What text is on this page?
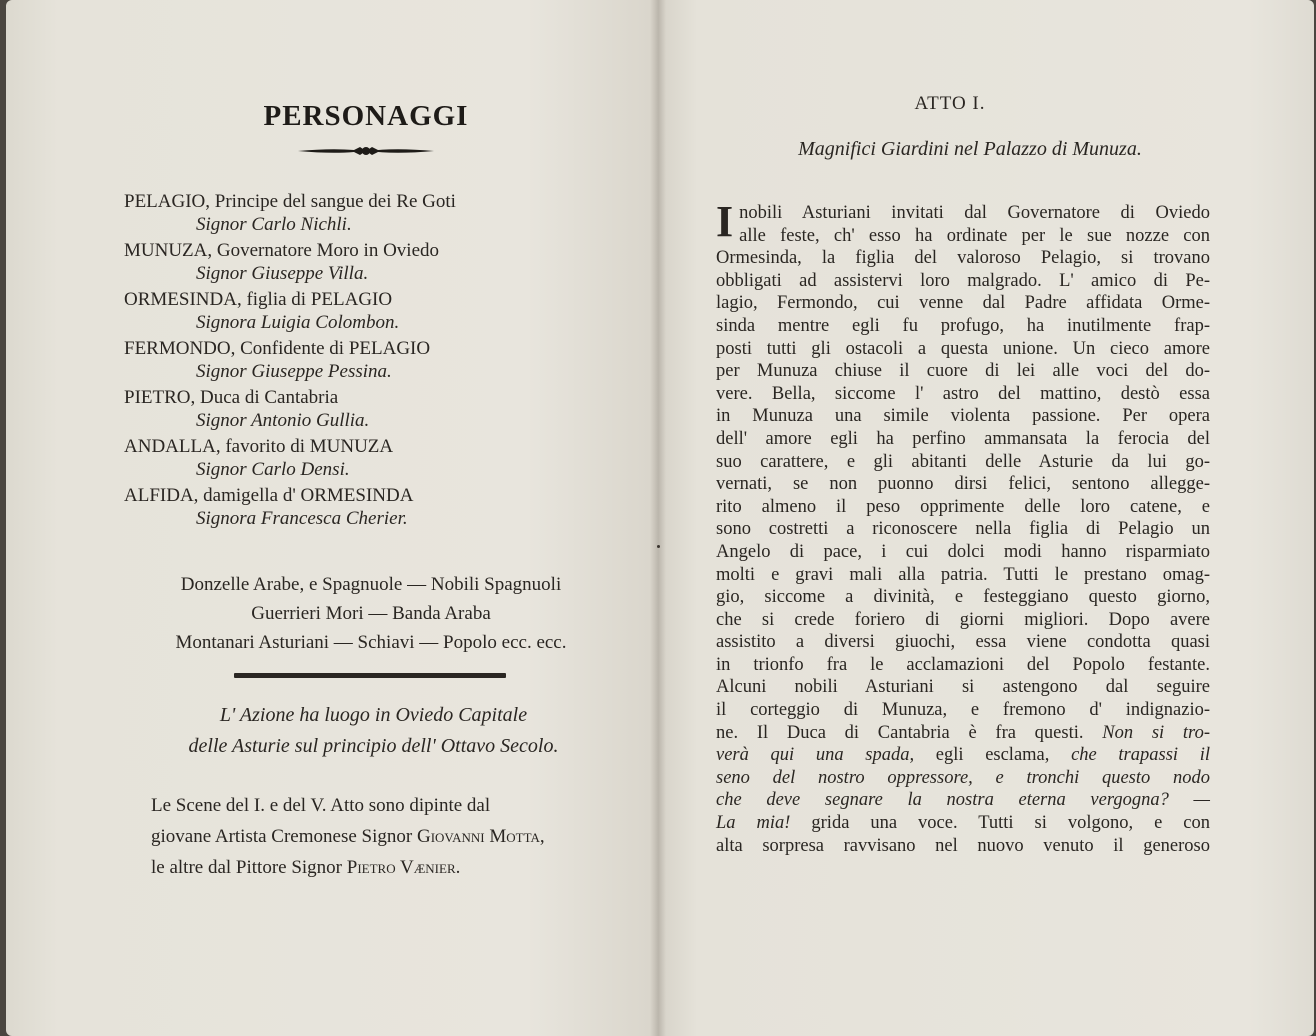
PERSONAGGI
PELAGIO, Principe del sangue dei Re Goti
Signor Carlo Nichli.
MUNUZA, Governatore Moro in Oviedo
Signor Giuseppe Villa.
ORMESINDA, figlia di PELAGIO
Signora Luigia Colombon.
FERMONDO, Confidente di PELAGIO
Signor Giuseppe Pessina.
PIETRO, Duca di Cantabria
Signor Antonio Gullia.
ANDALLA, favorito di MUNUZA
Signor Carlo Densi.
ALFIDA, damigella d' ORMESINDA
Signora Francesca Cherier.
Donzelle Arabe, e Spagnuole — Nobili Spagnuoli
Guerrieri Mori — Banda Araba
Montanari Asturiani — Schiavi — Popolo ecc. ecc.
L' Azione ha luogo in Oviedo Capitale
delle Asturie sul principio dell' Ottavo Secolo.
Le Scene del I. e del V. Atto sono dipinte dal
giovane Artista Cremonese Signor Giovanni Motta,
le altre dal Pittore Signor Pietro Vænier.
ATTO I.
Magnifici Giardini nel Palazzo di Munuza.
I nobili Asturiani invitati dal Governatore di Oviedo
alle feste, ch' esso ha ordinate per le sue nozze con
Ormesinda, la figlia del valoroso Pelagio, si trovano
obbligati ad assistervi loro malgrado. L' amico di Pe-
lagio, Fermondo, cui venne dal Padre affidata Orme-
sinda mentre egli fu profugo, ha inutilmente frap-
posti tutti gli ostacoli a questa unione. Un cieco amore
per Munuza chiuse il cuore di lei alle voci del do-
vere. Bella, siccome l' astro del mattino, destò essa
in Munuza una simile violenta passione. Per opera
dell' amore egli ha perfino ammansata la ferocia del
suo carattere, e gli abitanti delle Asturie da lui go-
vernati, se non puonno dirsi felici, sentono allegge-
rito almeno il peso opprimente delle loro catene, e
sono costretti a riconoscere nella figlia di Pelagio un
Angelo di pace, i cui dolci modi hanno risparmiato
molti e gravi mali alla patria. Tutti le prestano omag-
gio, siccome a divinità, e festeggiano questo giorno,
che si crede foriero di giorni migliori. Dopo avere
assistito a diversi giuochi, essa viene condotta quasi
in trionfo fra le acclamazioni del Popolo festante.
Alcuni nobili Asturiani si astengono dal seguire
il corteggio di Munuza, e fremono d' indignazio-
ne. Il Duca di Cantabria è fra questi. Non si tro-
verà qui una spada, egli esclama, che trapassi il
seno del nostro oppressore, e tronchi questo nodo
che deve segnare la nostra eterna vergogna? —
La mia! grida una voce. Tutti si volgono, e con
alta sorpresa ravvisano nel nuovo venuto il generoso
